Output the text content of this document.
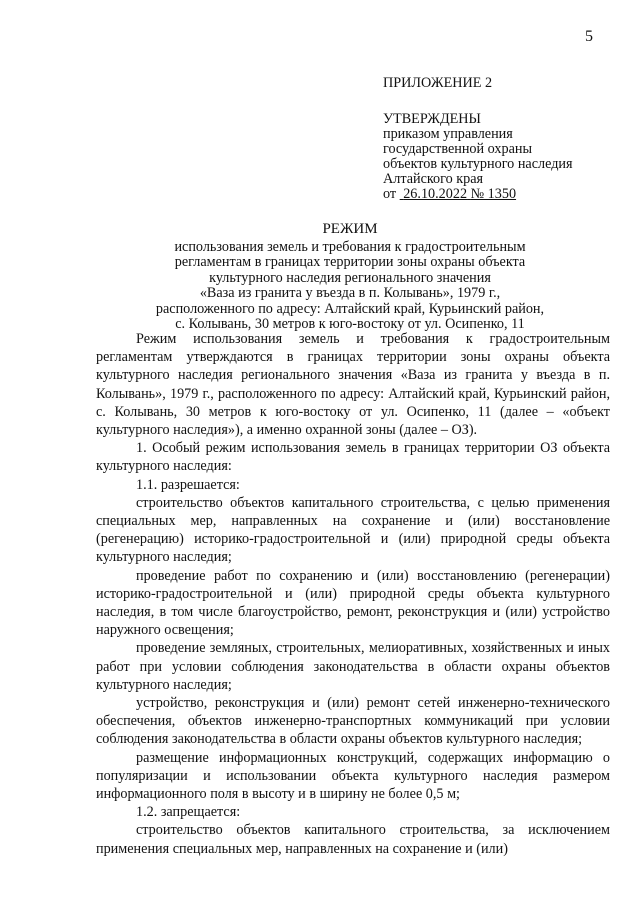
5
ПРИЛОЖЕНИЕ 2
УТВЕРЖДЕНЫ
приказом управления
государственной охраны
объектов культурного наследия
Алтайского края
от 26.10.2022 № 1350
РЕЖИМ
использования земель и требования к градостроительным
регламентам в границах территории зоны охраны объекта
культурного наследия регионального значения
«Ваза из гранита у въезда в п. Колывань», 1979 г.,
расположенного по адресу: Алтайский край, Курьинский район,
с. Колывань, 30 метров к юго-востоку от ул. Осипенко, 11

Режим использования земель и требования к градостроительным регламентам утверждаются в границах территории зоны охраны объекта культурного наследия регионального значения «Ваза из гранита у въезда в п. Колывань», 1979 г., расположенного по адресу: Алтайский край, Курьинский район, с. Колывань, 30 метров к юго-востоку от ул. Осипенко, 11 (далее – «объект культурного наследия»), а именно охранной зоны (далее – ОЗ).

1. Особый режим использования земель в границах территории ОЗ объекта культурного наследия:

1.1. разрешается:

строительство объектов капитального строительства, с целью применения специальных мер, направленных на сохранение и (или) восстановление (регенерацию) историко-градостроительной и (или) природной среды объекта культурного наследия;

проведение работ по сохранению и (или) восстановлению (регенерации) историко-градостроительной и (или) природной среды объекта культурного наследия, в том числе благоустройство, ремонт, реконструкция и (или) устройство наружного освещения;

проведение земляных, строительных, мелиоративных, хозяйственных и иных работ при условии соблюдения законодательства в области охраны объектов культурного наследия;

устройство, реконструкция и (или) ремонт сетей инженерно-технического обеспечения, объектов инженерно-транспортных коммуникаций при условии соблюдения законодательства в области охраны объектов культурного наследия;

размещение информационных конструкций, содержащих информацию о популяризации и использовании объекта культурного наследия размером информационного поля в высоту и в ширину не более 0,5 м;

1.2. запрещается:

строительство объектов капитального строительства, за исключением применения специальных мер, направленных на сохранение и (или)
